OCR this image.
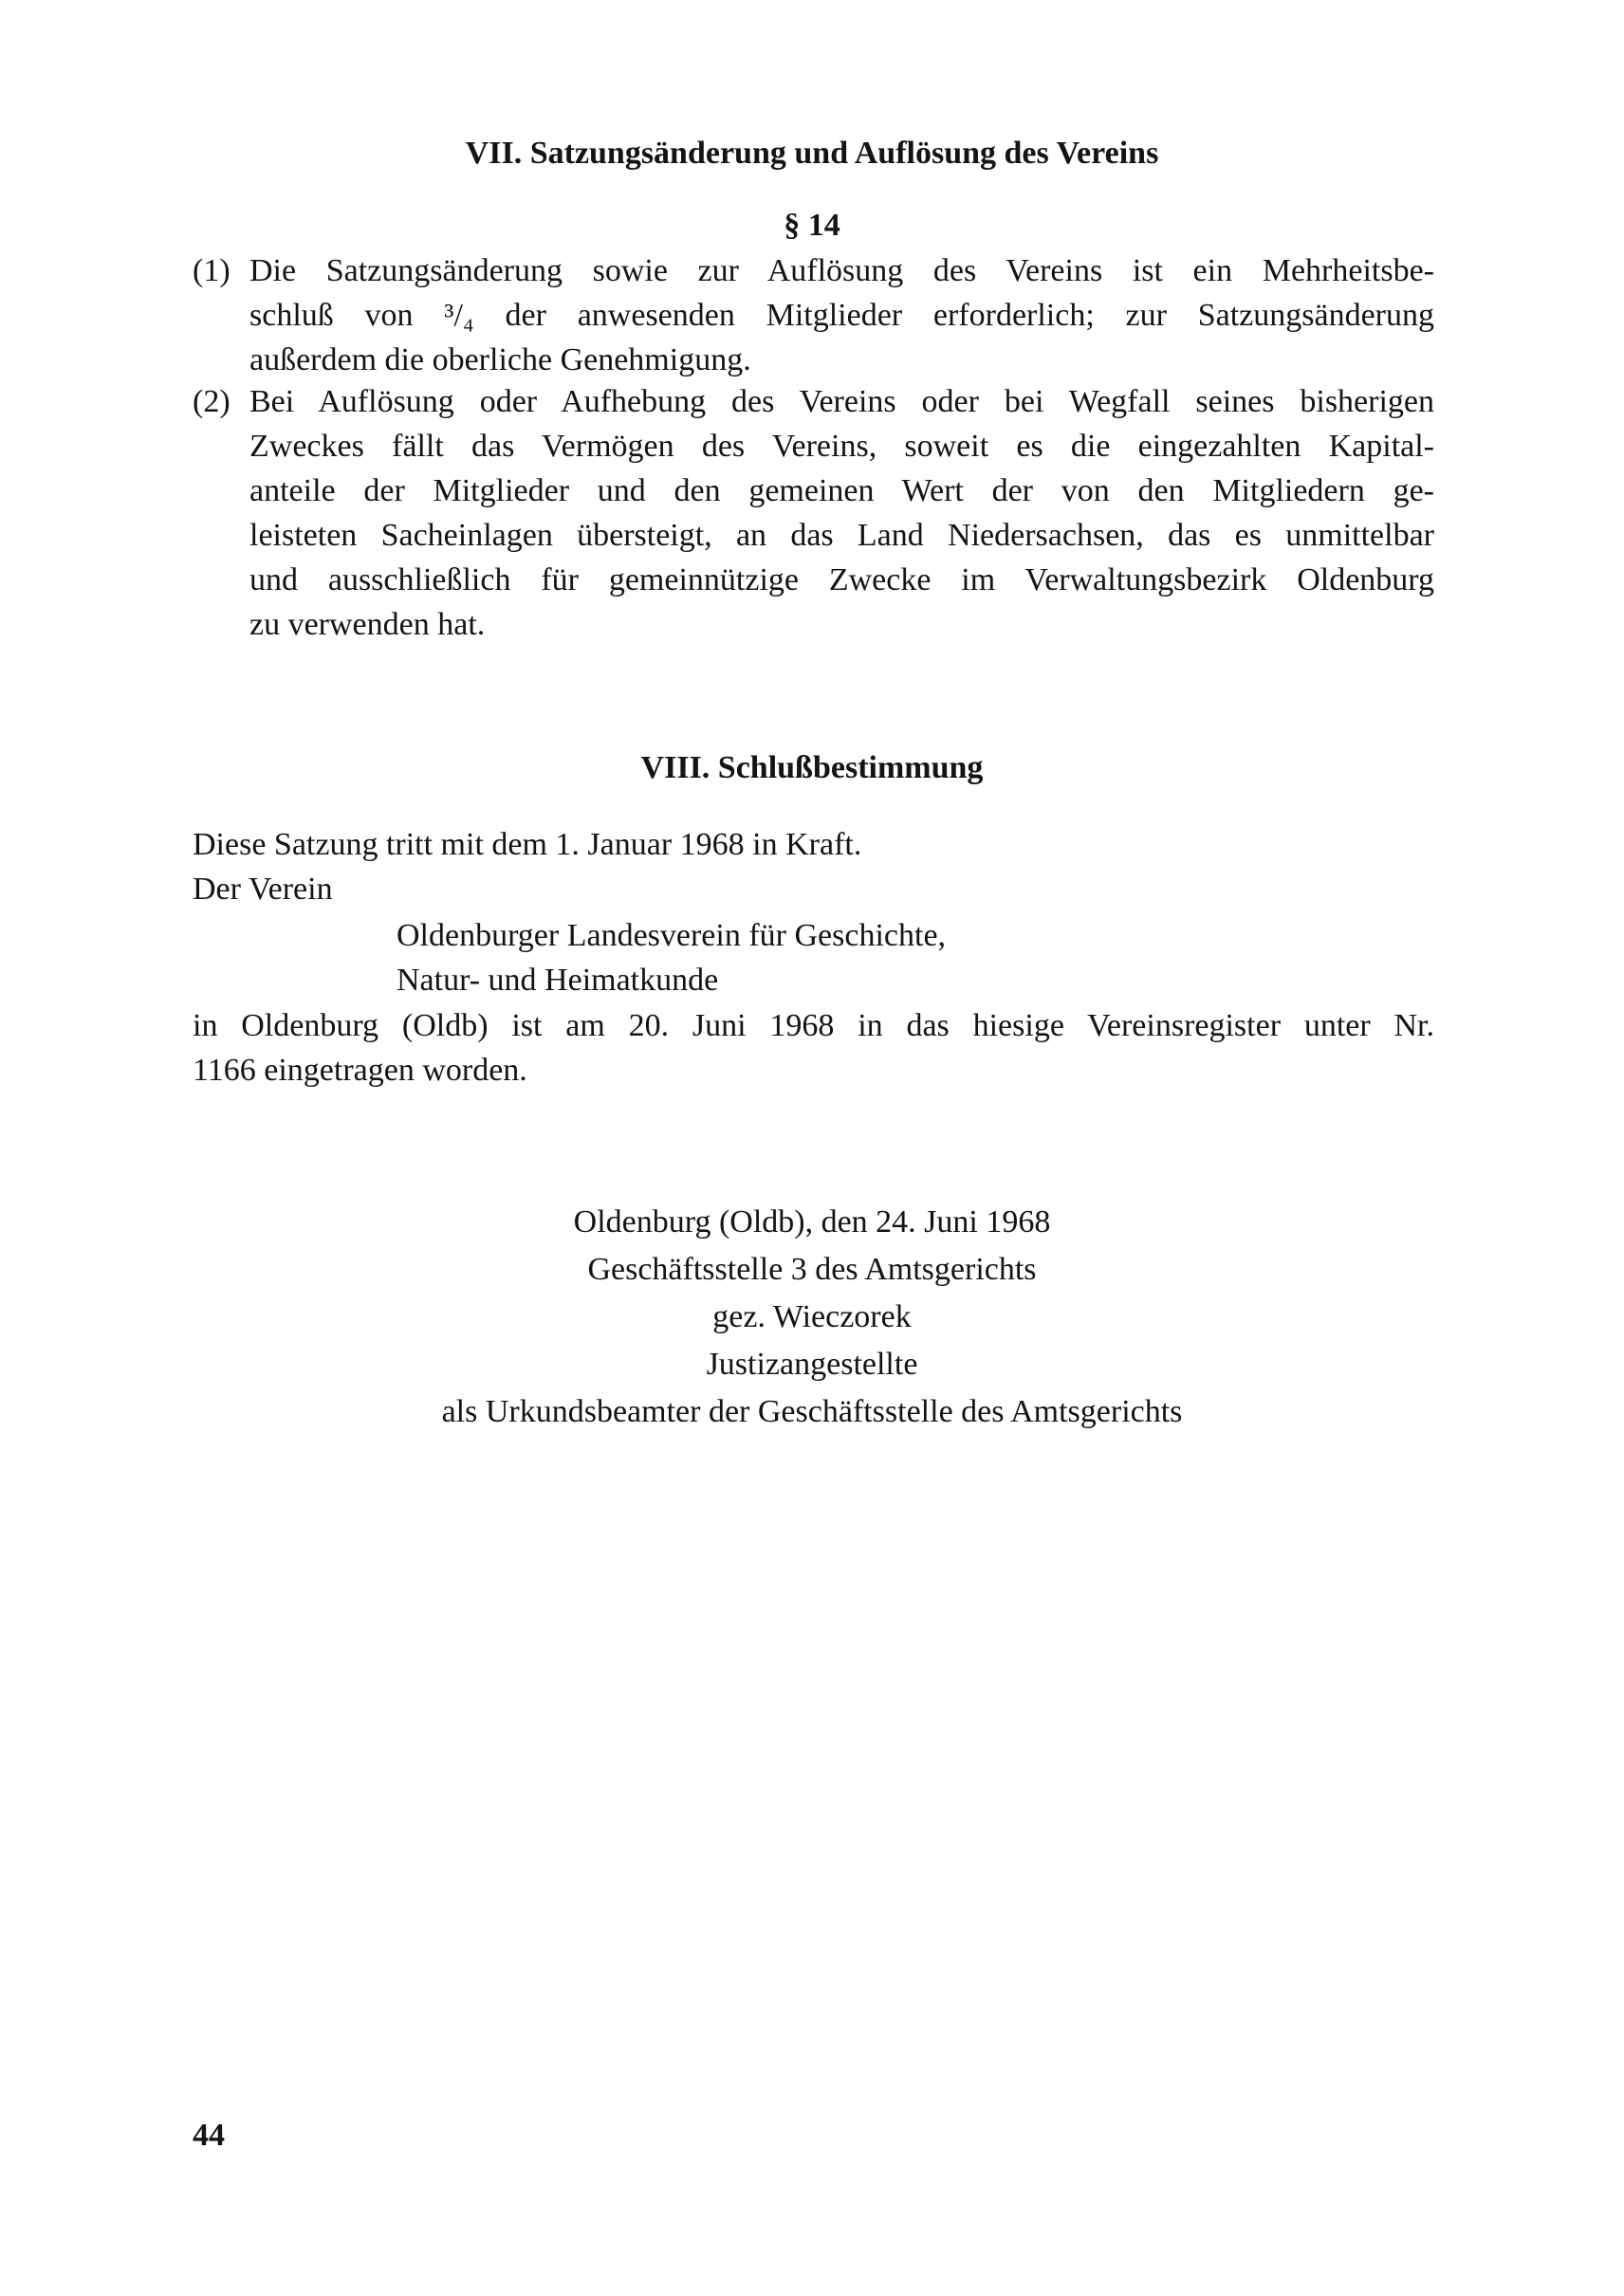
VII. Satzungsänderung und Auflösung des Vereins
§ 14
(1) Die Satzungsänderung sowie zur Auflösung des Vereins ist ein Mehrheitsbe-
schluß von ³/₄ der anwesenden Mitglieder erforderlich; zur Satzungsänderung
außerdem die oberliche Genehmigung.
(2) Bei Auflösung oder Aufhebung des Vereins oder bei Wegfall seines bisherigen
Zweckes fällt das Vermögen des Vereins, soweit es die eingezahlten Kapital-
anteile der Mitglieder und den gemeinen Wert der von den Mitgliedern ge-
leisteten Sacheinlagen übersteigt, an das Land Niedersachsen, das es unmittelbar
und ausschließlich für gemeinnützige Zwecke im Verwaltungsbezirk Oldenburg
zu verwenden hat.
VIII. Schlußbestimmung
Diese Satzung tritt mit dem 1. Januar 1968 in Kraft.
Der Verein
Oldenburger Landesverein für Geschichte,
Natur- und Heimatkunde
in Oldenburg (Oldb) ist am 20. Juni 1968 in das hiesige Vereinsregister unter Nr.
1166 eingetragen worden.
Oldenburg (Oldb), den 24. Juni 1968
Geschäftsstelle 3 des Amtsgerichts
gez. Wieczorek
Justizangestellte
als Urkundsbeamter der Geschäftsstelle des Amtsgerichts
44
